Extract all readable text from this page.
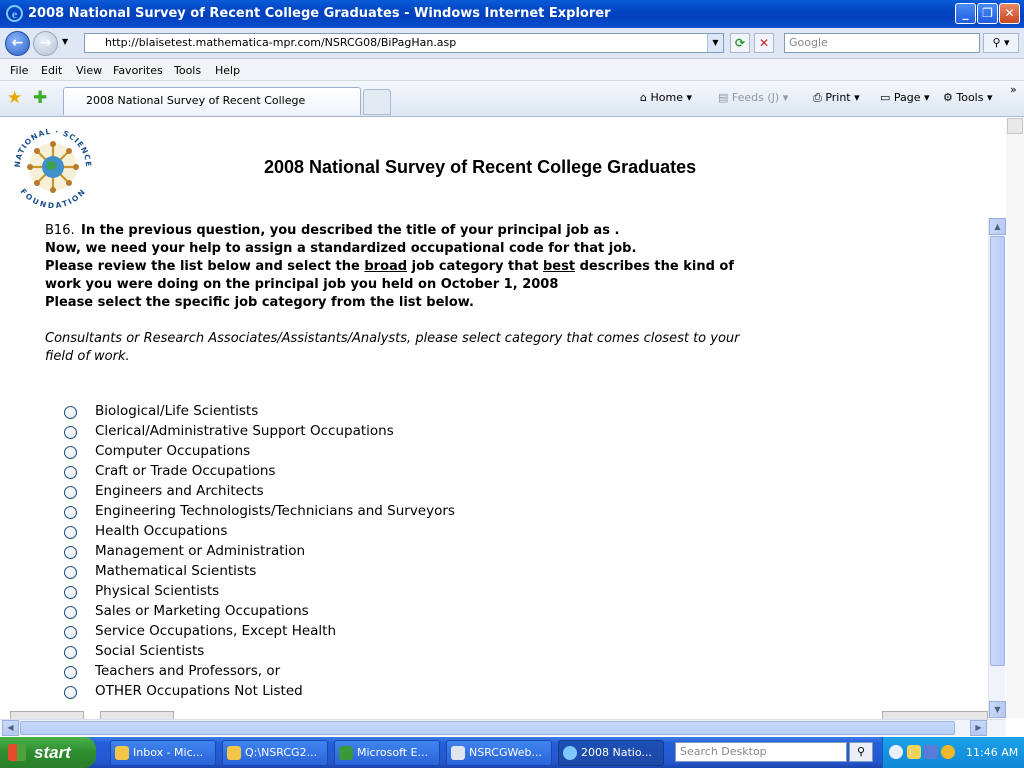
e 2008 National Survey of Recent College Graduates - Windows Internet Explorer	_	❐ ✕
←	→	▼	http://blaisetest.mathematica-mpr.com/NSRCG08/BiPagHan.asp	▼	⟳	✕	Google	⚲ ▾
File Edit View Favorites Tools Help
★ ✚	2008 National Survey of Recent College	⌂ Home ▾ ▤ Feeds (J) ▾ ⎙ Print ▾ ▭ Page ▾ ⚙ Tools ▾
»
NATIONAL · SCIENCE
FOUNDATION
2008 National Survey of Recent College Graduates
B16. In the previous question, you described the title of your principal job as .
Now, we need your help to assign a standardized occupational code for that job.
Please review the list below and select the broad job category that best describes the kind of
work you were doing on the principal job you held on October 1, 2008
Please select the specific job category from the list below.
Consultants or Research Associates/Assistants/Analysts, please select category that comes closest to your
field of work.
Biological/Life Scientists
Clerical/Administrative Support Occupations
Computer Occupations
Craft or Trade Occupations
Engineers and Architects
Engineering Technologists/Technicians and Surveyors
Health Occupations
Management or Administration
Mathematical Scientists
Physical Scientists
Sales or Marketing Occupations
Service Occupations, Except Health
Social Scientists
Teachers and Professors, or
OTHER Occupations Not Listed
▲
▼
◀	▶
start	Inbox - Mic...	Q:\NSRCG2...	Microsoft E...	NSRCGWeb...	2008 Natio...	Search Desktop	⚲	11:46 AM
